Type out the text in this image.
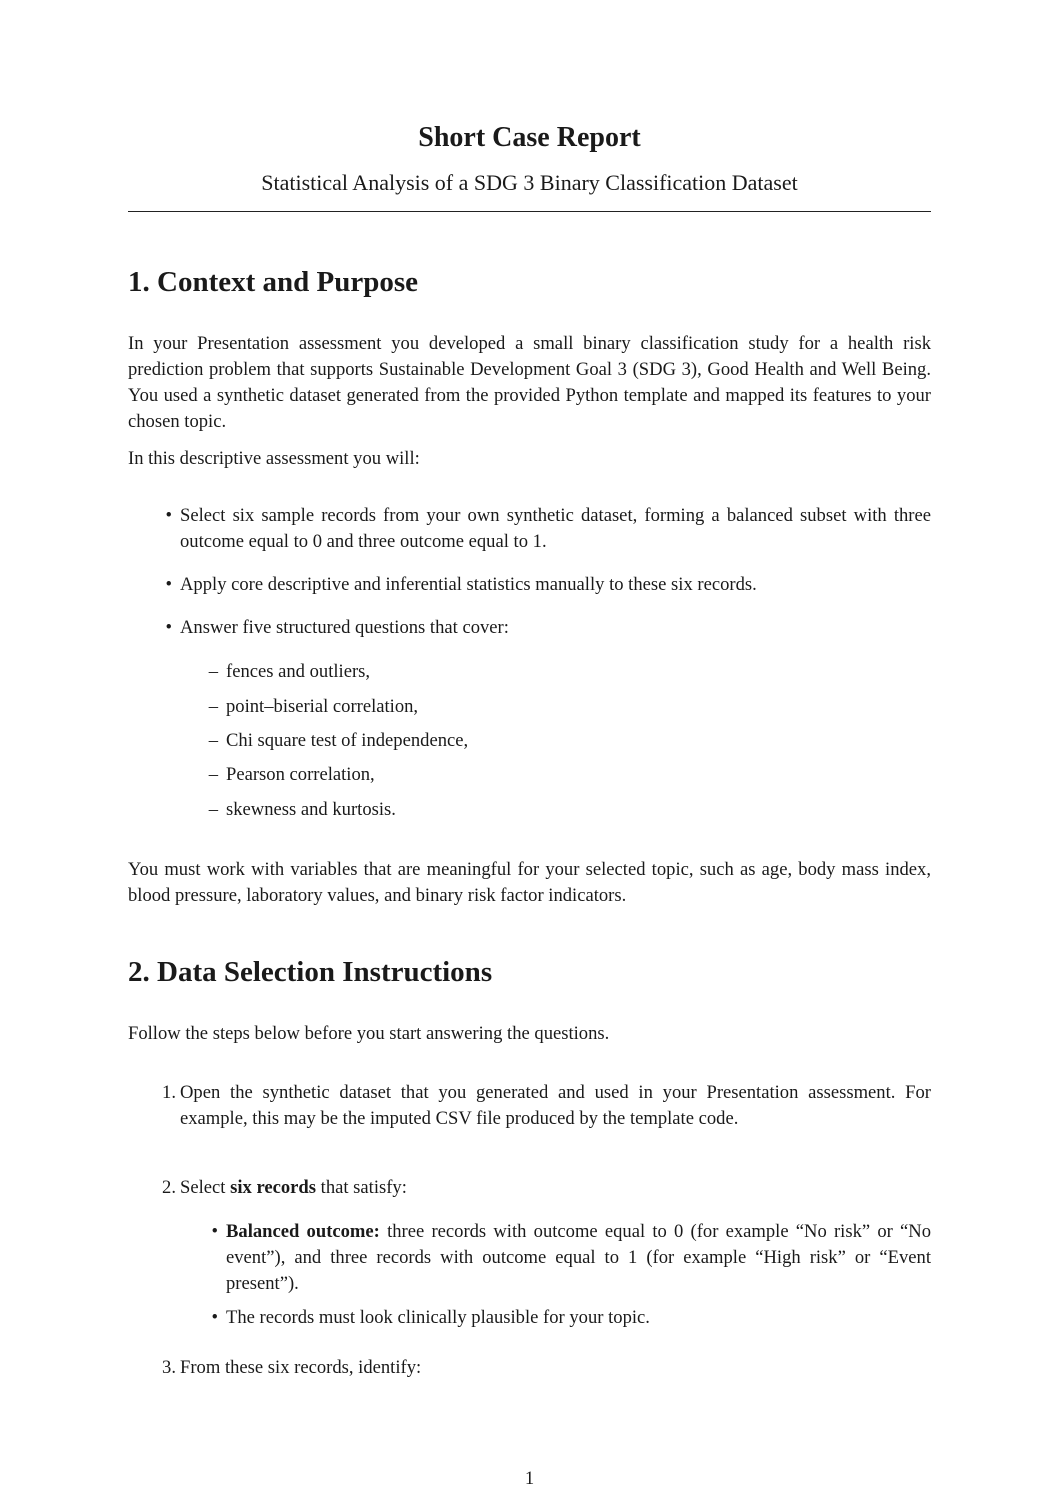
Short Case Report
Statistical Analysis of a SDG 3 Binary Classification Dataset
1. Context and Purpose
In your Presentation assessment you developed a small binary classification study for a health risk prediction problem that supports Sustainable Development Goal 3 (SDG 3), Good Health and Well Being. You used a synthetic dataset generated from the provided Python template and mapped its features to your chosen topic.
In this descriptive assessment you will:
• Select six sample records from your own synthetic dataset, forming a balanced subset with three outcome equal to 0 and three outcome equal to 1.
• Apply core descriptive and inferential statistics manually to these six records.
• Answer five structured questions that cover:
– fences and outliers,
– point–biserial correlation,
– Chi square test of independence,
– Pearson correlation,
– skewness and kurtosis.
You must work with variables that are meaningful for your selected topic, such as age, body mass index, blood pressure, laboratory values, and binary risk factor indicators.
2. Data Selection Instructions
Follow the steps below before you start answering the questions.
1. Open the synthetic dataset that you generated and used in your Presentation assessment. For example, this may be the imputed CSV file produced by the template code.
2. Select six records that satisfy:
• Balanced outcome: three records with outcome equal to 0 (for example “No risk” or “No event”), and three records with outcome equal to 1 (for example “High risk” or “Event present”).
• The records must look clinically plausible for your topic.
3. From these six records, identify:
1
